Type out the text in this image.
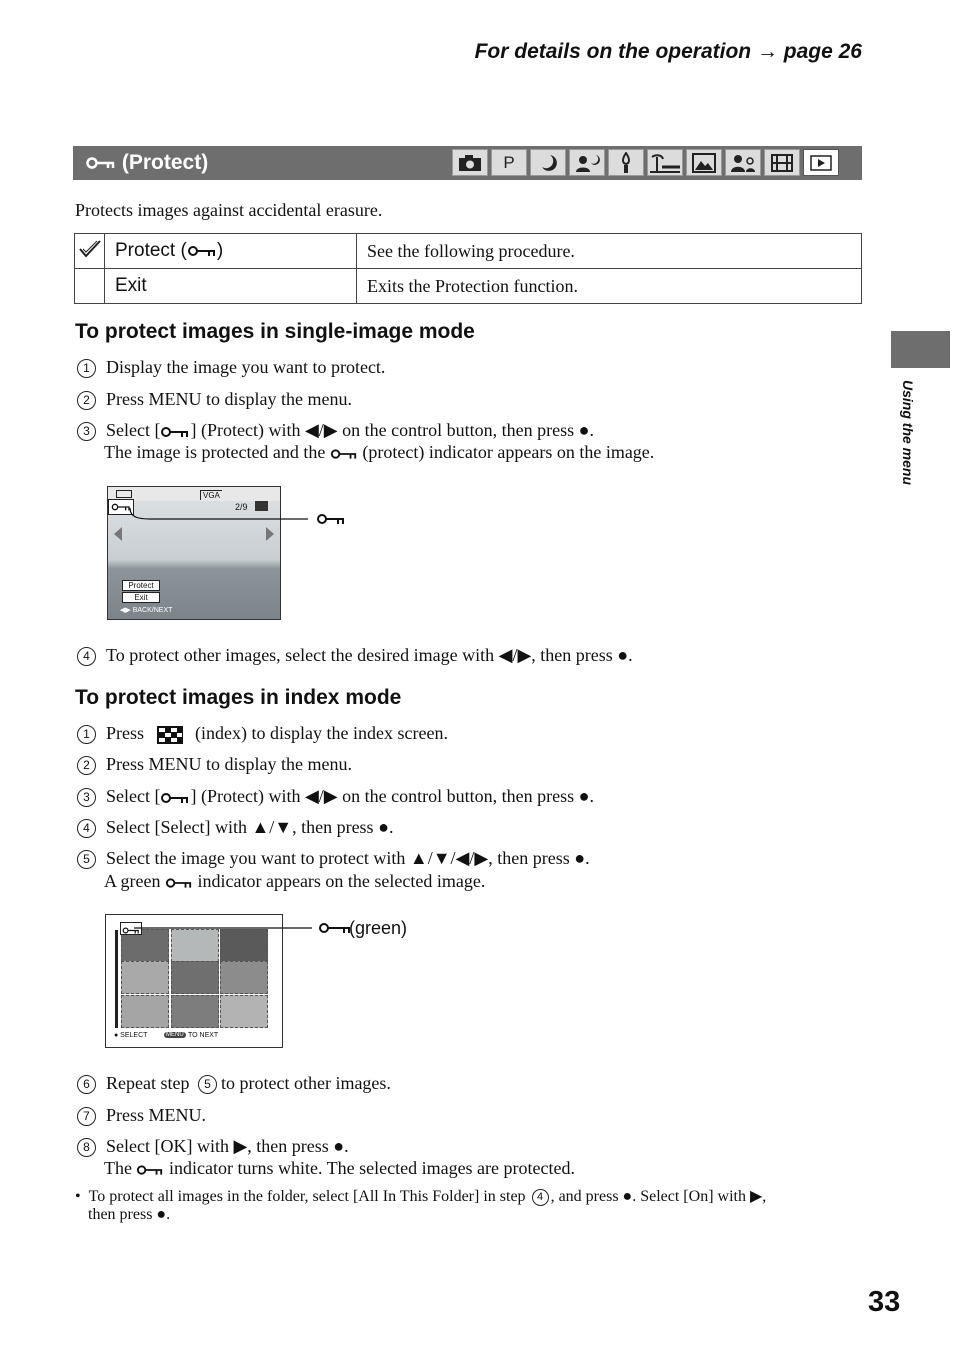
For details on the operation → page 26
(Protect)	P
Protects images against accidental erasure.
	Protect ( )	See the following procedure.
	Exit	Exits the Protection function.
To protect images in single-image mode
1 Display the image you want to protect.
2 Press MENU to display the menu.
3 Select [ ] (Protect) with ◀/▶ on the control button, then press ●.
The image is protected and the (protect) indicator appears on the image.
VGA
2/9
Protect
Exit
◀▶ BACK/NEXT
4 To protect other images, select the desired image with ◀/▶, then press ●.
To protect images in index mode
1 Press	(index) to display the index screen.
2 Press MENU to display the menu.
3 Select [ ] (Protect) with ◀/▶ on the control button, then press ●.
4 Select [Select] with ▲/▼, then press ●.
5 Select the image you want to protect with ▲/▼/◀/▶, then press ●.
A green indicator appears on the selected image.
● SELECT	MENU TO NEXT
(green)
6 Repeat step 5 to protect other images.
7 Press MENU.
8 Select [OK] with ▶, then press ●.
The indicator turns white. The selected images are protected.
• To protect all images in the folder, select [All In This Folder] in step 4 , and press ●. Select [On] with ▶,
then press ●.
Using the menu
33
